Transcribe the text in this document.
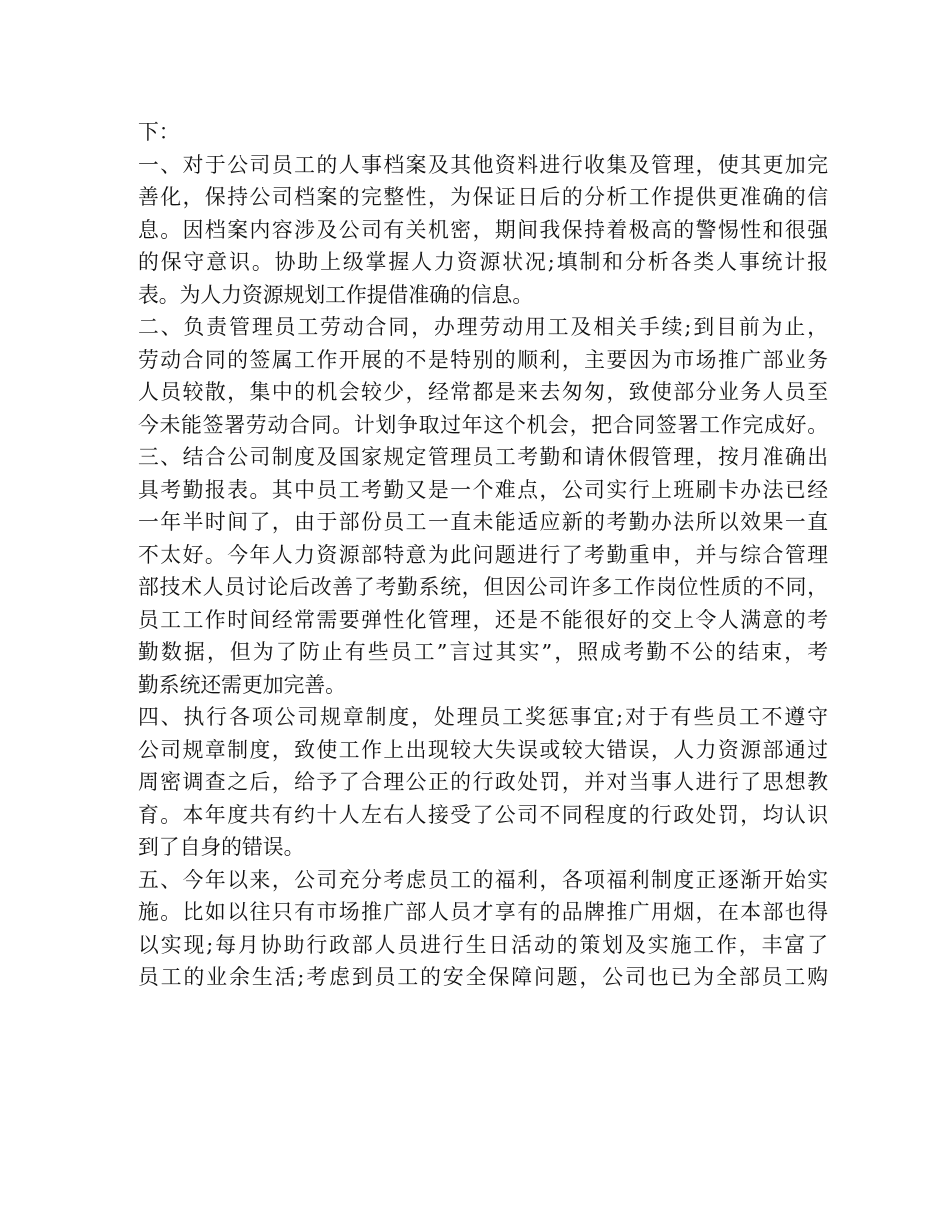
下：
一、对于公司员工的人事档案及其他资料进行收集及管理，使其更加完
善化，保持公司档案的完整性，为保证日后的分析工作提供更准确的信
息。因档案内容涉及公司有关机密，期间我保持着极高的警惕性和很强
的保守意识。协助上级掌握人力资源状况;填制和分析各类人事统计报
表。为人力资源规划工作提借准确的信息。
二、负责管理员工劳动合同，办理劳动用工及相关手续;到目前为止，
劳动合同的签属工作开展的不是特别的顺利，主要因为市场推广部业务
人员较散，集中的机会较少，经常都是来去匆匆，致使部分业务人员至
今未能签署劳动合同。计划争取过年这个机会，把合同签署工作完成好。
三、结合公司制度及国家规定管理员工考勤和请休假管理，按月准确出
具考勤报表。其中员工考勤又是一个难点，公司实行上班刷卡办法已经
一年半时间了，由于部份员工一直未能适应新的考勤办法所以效果一直
不太好。今年人力资源部特意为此问题进行了考勤重申，并与综合管理
部技术人员讨论后改善了考勤系统，但因公司许多工作岗位性质的不同，
员工工作时间经常需要弹性化管理，还是不能很好的交上令人满意的考
勤数据，但为了防止有些员工”言过其实”，照成考勤不公的结束，考
勤系统还需更加完善。
四、执行各项公司规章制度，处理员工奖惩事宜;对于有些员工不遵守
公司规章制度，致使工作上出现较大失误或较大错误，人力资源部通过
周密调查之后，给予了合理公正的行政处罚，并对当事人进行了思想教
育。本年度共有约十人左右人接受了公司不同程度的行政处罚，均认识
到了自身的错误。
五、今年以来，公司充分考虑员工的福利，各项福利制度正逐渐开始实
施。比如以往只有市场推广部人员才享有的品牌推广用烟，在本部也得
以实现;每月协助行政部人员进行生日活动的策划及实施工作，丰富了
员工的业余生活;考虑到员工的安全保障问题，公司也已为全部员工购
